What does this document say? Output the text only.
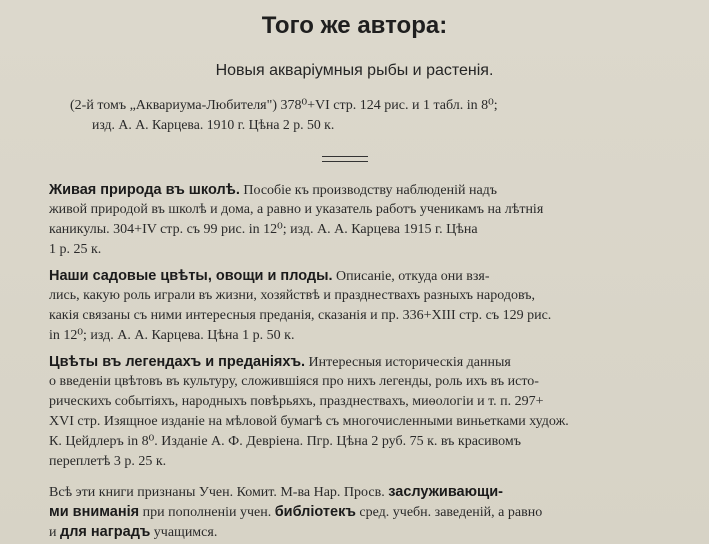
Того же автора:
Новыя аквaріумныя рыбы и растенія.
(2-й томъ „Аквариума-Любителя") 378⁰+VI стр. 124 рис. и 1 табл. in 8⁰;
изд. А. А. Карцева. 1910 г. Цѣна 2 р. 50 к.
Живая природа въ школѣ. Пособіе къ производству наблюденій надъ
живой природой въ школѣ и дома, а равно и указатель работъ ученикамъ на лѣтнія
каникулы. 304+IV стр. съ 99 рис. in 12⁰; изд. А. А. Карцева 1915 г. Цѣна
1 р. 25 к.
Наши садовые цвѣты, овощи и плоды. Описаніе, откуда они взя-
лись, какую роль играли въ жизни, хозяйствѣ и празднествахъ разныхъ народовъ,
какія связаны съ ними интересныя преданія, сказанія и пр. 336+XIII стр. съ 129 рис.
in 12⁰; изд. А. А. Карцева. Цѣна 1 р. 50 к.
Цвѣты въ легендахъ и преданіяхъ. Интересныя историческія данныя
о введеніи цвѣтовъ въ культуру, сложившіяся про нихъ легенды, роль ихъ въ исто-
рическихъ событіяхъ, народныхъ повѣрьяхъ, празднествахъ, миѳологіи и т. п. 297+
XVI стр. Изящное изданіе на мѣловой бумагѣ съ многочисленными виньетками худож.
К. Цейдлеръ in 8⁰. Изданіе А. Ф. Девріена. Пгр. Цѣна 2 руб. 75 к. въ красивомъ
переплетѣ 3 р. 25 к.
Всѣ эти книги признаны Учен. Комит. М-ва Нар. Просв. заслуживающи-
ми вниманія при пополненіи учен. библіотекъ сред. учебн. заведеній, а равно
и для наградъ учащимся.
